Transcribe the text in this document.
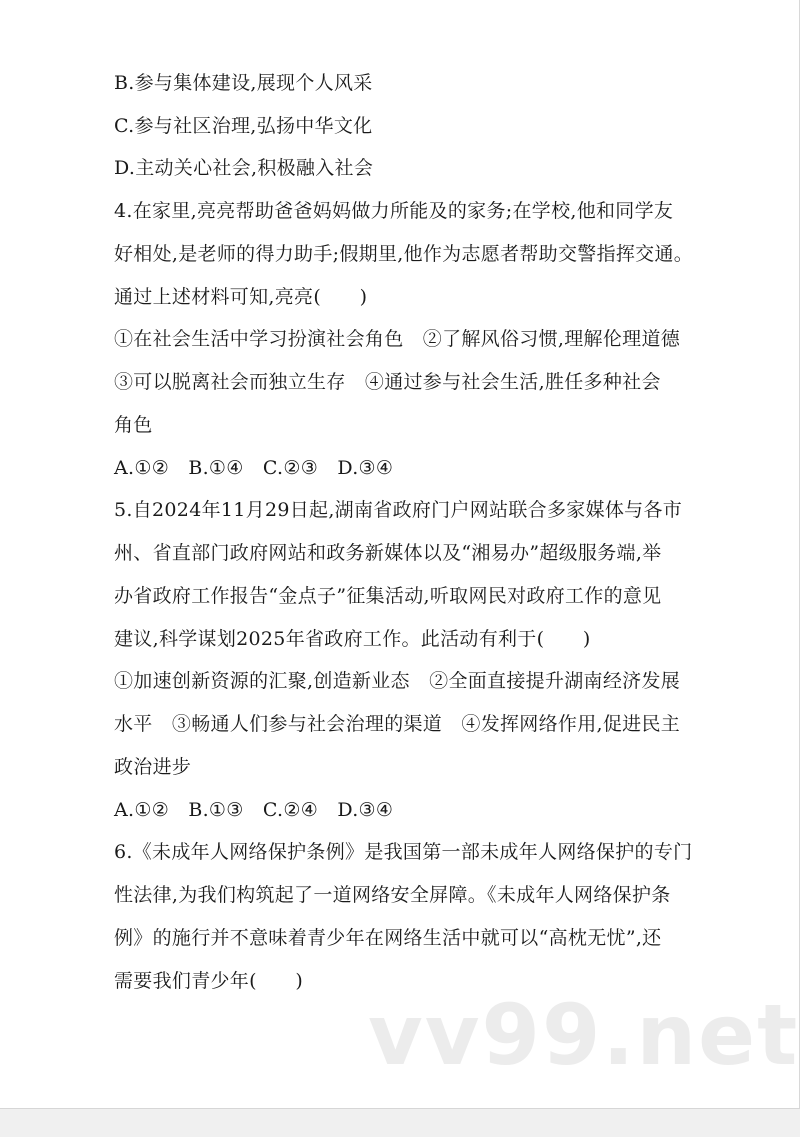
B.参与集体建设,展现个人风采
C.参与社区治理,弘扬中华文化
D.主动关心社会,积极融入社会
4.在家里,亮亮帮助爸爸妈妈做力所能及的家务;在学校,他和同学友
好相处,是老师的得力助手;假期里,他作为志愿者帮助交警指挥交通。
通过上述材料可知,亮亮(　　)
①在社会生活中学习扮演社会角色　②了解风俗习惯,理解伦理道德
③可以脱离社会而独立生存　④通过参与社会生活,胜任多种社会
角色
A.①②　B.①④　C.②③　D.③④
5.自2024年11月29日起,湖南省政府门户网站联合多家媒体与各市
州、省直部门政府网站和政务新媒体以及“湘易办”超级服务端,举
办省政府工作报告“金点子”征集活动,听取网民对政府工作的意见
建议,科学谋划2025年省政府工作。此活动有利于(　　)
①加速创新资源的汇聚,创造新业态　②全面直接提升湖南经济发展
水平　③畅通人们参与社会治理的渠道　④发挥网络作用,促进民主
政治进步
A.①②　B.①③　C.②④　D.③④
6.《未成年人网络保护条例》是我国第一部未成年人网络保护的专门
性法律,为我们构筑起了一道网络安全屏障。《未成年人网络保护条
例》的施行并不意味着青少年在网络生活中就可以“高枕无忧”,还
需要我们青少年(　　)
vv99.net
